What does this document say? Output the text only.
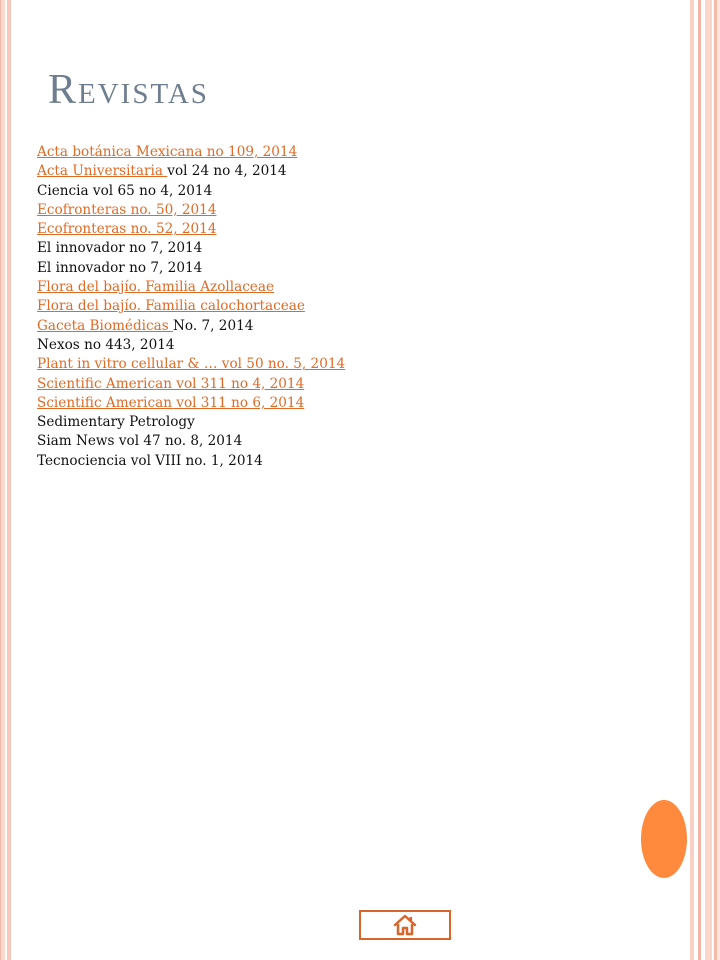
Revistas
Acta botánica Mexicana no 109, 2014
Acta Universitaria vol 24 no 4, 2014
Ciencia vol 65 no 4, 2014
Ecofronteras no. 50, 2014
Ecofronteras no. 52, 2014
El innovador no 7, 2014
El innovador no 7, 2014
Flora del bajío. Familia Azollaceae
Flora del bajío. Familia calochortaceae
Gaceta Biomédicas No. 7, 2014
Nexos no 443, 2014
Plant in vitro cellular & … vol 50 no. 5, 2014
Scientific American vol 311 no 4, 2014
Scientific American vol 311 no 6, 2014
Sedimentary Petrology
Siam News vol 47 no. 8, 2014
Tecnociencia vol VIII no. 1, 2014
